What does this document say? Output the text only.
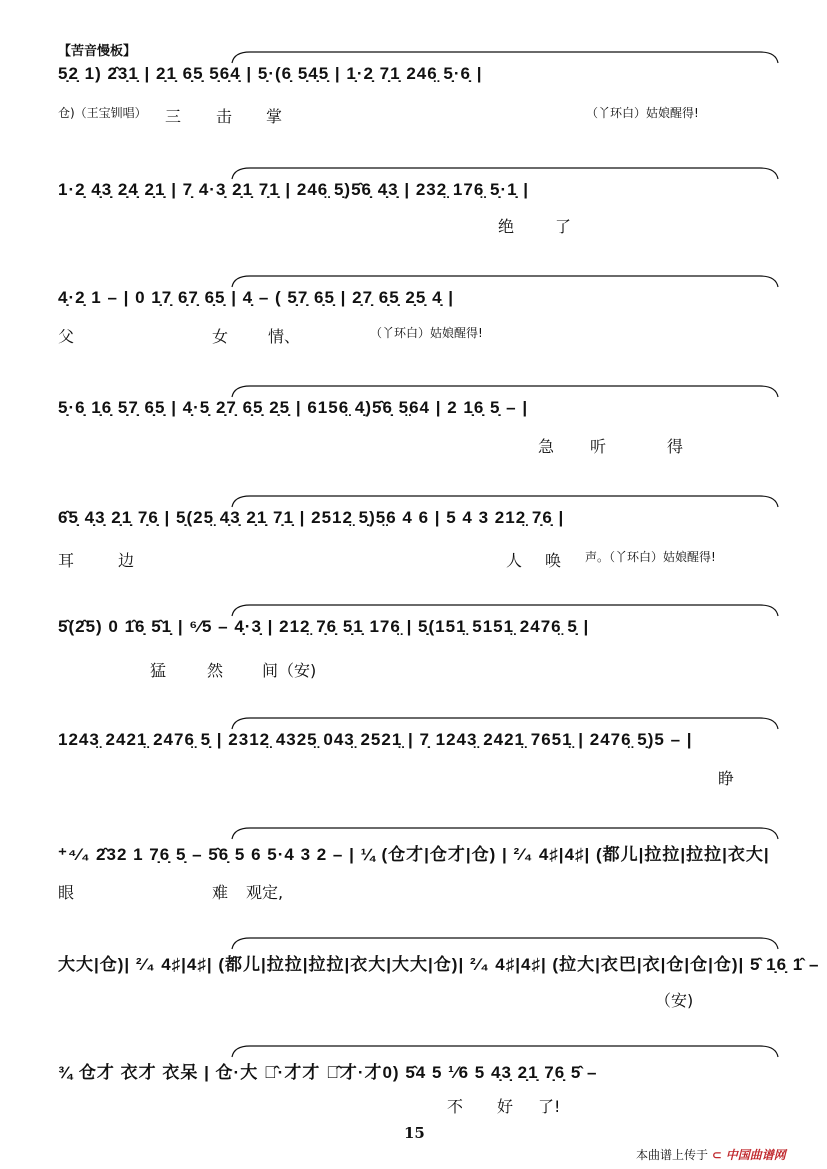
【苦音慢板】
5̣2̣ 1) 2̂3̣1̣ | 2̣1̣ 6̣5̣ 5̣6̣4̣ | 5̣·(6̣ 5̣4̣5̣ | 1̣·2̣ 7̣1̣ 246̤ 5̣·6̣ |
仓)（王宝钏唱） 三 击 掌	（丫环白）姑娘醒得!
1·2̣ 4̣3̣ 2̣4̣ 2̣1̣ | 7̣ 4·3̣ 2̣1̣ 7̣1̣ | 246̤ 5̣)5̂6̣ 4̣3̣ | 232̤ 176̤ 5̣·1̣ |
绝	了
4̣·2̣ 1 – | 0 1̣7̣ 6̣7̣ 6̣5̣ | 4̣ – ( 5̣7̣ 6̣5̣ | 2̣7̣ 6̣5̣ 2̣5̣ 4̣ |
父	女 情、	（丫环白）姑娘醒得!
5̣·6̣ 1̣6̣ 5̣7̣ 6̣5̣ | 4̣·5̣ 2̣7̣ 6̣5̣ 2̣5̣ | 6156̤ 4̣)5̂6̣ 5̤64 | 2 1̣6̣ 5̣ – |
急 听	得
6̂5̣ 4̣3̣ 2̣1̣ 7̣6̣ | 5̣(25̤ 4̣3̣ 2̣1̣ 7̣1̣ | 2512̤ 5̣)5̤6 4 6 | 5 4 3 212̤ 7̣6̣ |
耳	边	人 唤 声。（丫环白）姑娘醒得!
5̂(2̂5) 0 1̂6̣ 5̂1̣ | ⁶⁄5 – 4̣·3̣ | 212̤ 7̣6̣ 5̣1̣ 176̤ | 5̣(151̤ 5151̤ 2476̤ 5̣ |
猛	然 间（安)
1243̤ 2421̤ 2476̤ 5̣ | 2312̤ 4325̤ 043̤ 2521̤ | 7̣ 1243̤ 2421̤ 7651̤ | 2476̤ 5̣)5 – |
睁
⁺⁴⁄₄ 2̂32 1 7̣6̣ 5̣ – 5̂6̣ 5 6 5·4 3 2 – | ¼ (仓才|仓才|仓) | ²⁄₄ 4♯|4♯| (都儿|拉拉|拉拉|衣大|
眼	难 观定,
大大|仓)| ²⁄₄ 4♯|4♯| (都儿|拉拉|拉拉|衣大|大大|仓)| ²⁄₄ 4♯|4♯| (拉大|衣巴|衣|仓|仓|仓)| 5̂ 1̣6̣ 1̂ –
（安)
¾ 仓才 衣才 衣呆 | 仓·大 仓̂·才才 才̂才·才0) 5̂4 5 ¹⁄6 5 4̣3̣ 2̣1̣ 7̣6̣ 5̂ –
不 好 了!
15
本曲谱上传于 ⊂ 中国曲谱网
